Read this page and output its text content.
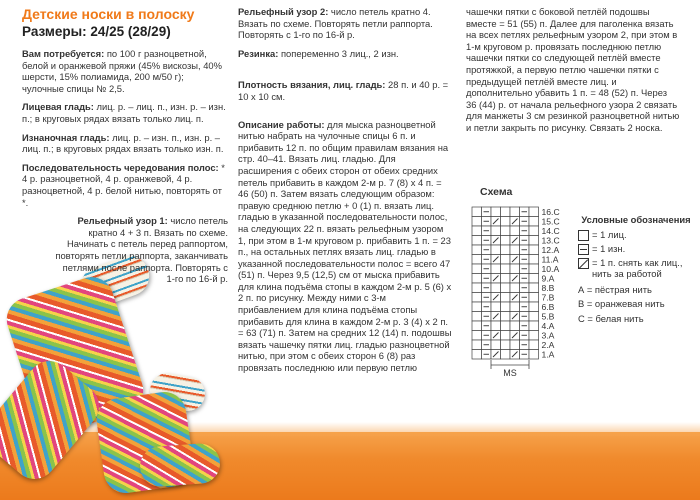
Детские носки в полоску
Размеры: 24/25 (28/29)

Вам потребуется: по 100 г разноцветной, белой и оранжевой пряжи (45% вискозы, 40% шерсти, 15% полиамида, 200 м/50 г); чулочные спицы № 2,5.

Лицевая гладь: лиц. р. – лиц. п., изн. р. – изн. п.; в круговых рядах вязать только лиц. п.

Изнаночная гладь: лиц. р. – изн. п., изн. р. – лиц. п.; в круговых рядах вязать только изн. п.

Последовательность чередования полос: * 4 р. разноцветной, 4 р. оранжевой, 4 р. разноцветной, 4 р. белой нитью, повторять от *.

Рельефный узор 1: число петель кратно 4 + 3 п. Вязать по схеме. Начинать с петель перед раппортом, повторять петли раппорта, заканчивать петлями после раппорта. Повторять с 1-го по 16-й р.

Рельефный узор 2: число петель кратно 4. Вязать по схеме. Повторять петли раппорта. Повторять с 1-го по 16-й р.

Резинка: попеременно 3 лиц., 2 изн.

Плотность вязания, лиц. гладь: 28 п. и 40 р. = 10 х 10 см.

Описание работы: для мыска разноцветной нитью набрать на чулочные спицы 6 п. и прибавить 12 п. по общим правилам вязания на стр. 40–41. Вязать лиц. гладью. Для расширения с обеих сторон от обеих средних петель прибавить в каждом 2-м р. 7 (8) х 4 п. = 46 (50) п. Затем вязать следующим образом: правую среднюю петлю + 0 (1) п. вязать лиц. гладью в указанной последовательности полос, на следующих 22 п. вязать рельефным узором 1, при этом в 1-м круговом р. прибавить 1 п. = 23 п., на остальных петлях вязать лиц. гладью в указанной последовательности полос = всего 47 (51) п. Через 9,5 (12,5) см от мыска прибавить для клина подъёма стопы в каждом 2-м р. 5 (6) х 2 п. по рисунку. Между ними с 3-м прибавлением для клина подъёма стопы прибавить для клина в каждом 2-м р. 3 (4) х 2 п. = 63 (71) п. Затем на средних 12 (14) п. подошвы вязать чашечку пятки лиц. гладью разноцветной нитью, при этом с обеих сторон 6 (8) раз провязать последнюю или первую петлю

чашечки пятки с боковой петлёй подошвы вместе = 51 (55) п. Далее для паголенка вязать на всех петлях рельефным узором 2, при этом в 1-м круговом р. провязать последнюю петлю чашечки пятки со следующей петлёй вместе протяжкой, а первую петлю чашечки пятки с предыдущей петлёй вместе лиц. и дополнительно убавить 1 п. = 48 (52) п. Через 36 (44) р. от начала рельефного узора 2 связать для манжеты 3 см резинкой разноцветной нитью и петли закрыть по рисунку. Связать 2 носка.

Схема
MS
16.С
15.С
14.С
13.С
12.А
11.А
10.А
9.А
8.В
7.В
6.В
5.В
4.А
3.А
2.А
1.А
Условные обозначения
= 1 лиц.
= 1 изн.
= 1 п. снять как лиц., нить за работой
А = пёстрая нить
В = оранжевая нить
С = белая нить
